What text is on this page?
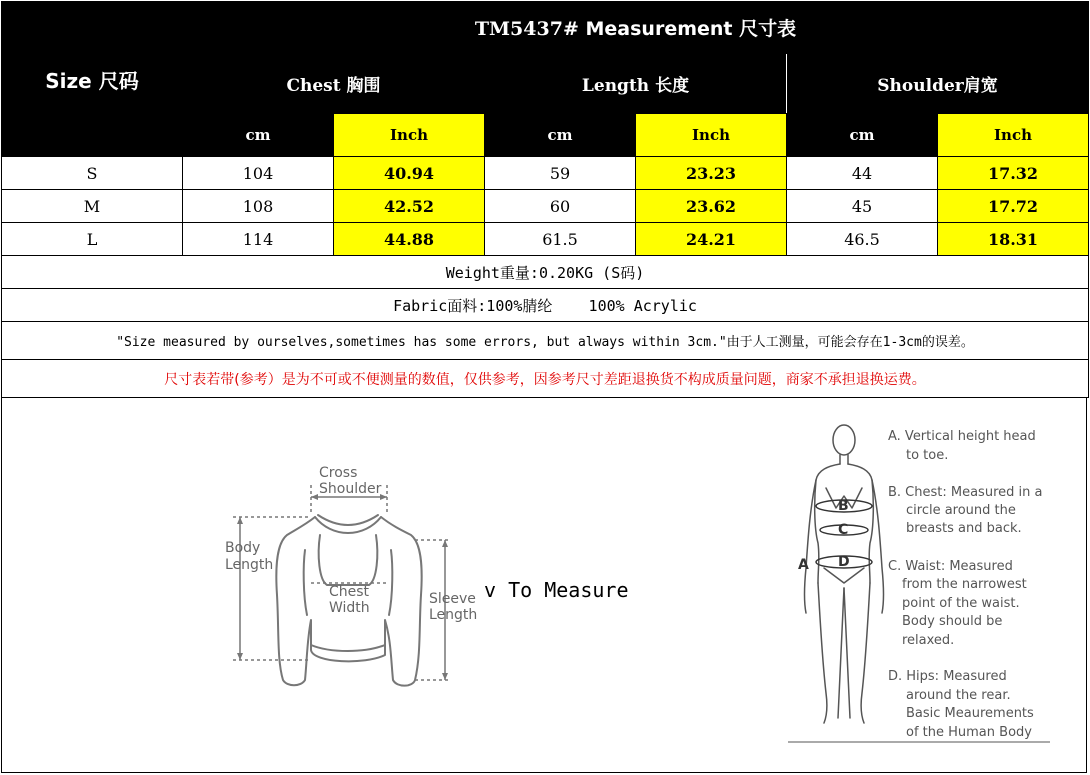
Size 尺码	TM5437# Measurement 尺寸表					
	Chest 胸围		Length 长度		Shoulder肩宽	
	cm	Inch	cm	Inch	cm	Inch
S	104	40.94	59	23.23	44	17.32
M	108	42.52	60	23.62	45	17.72
L	114	44.88	61.5	24.21	46.5	18.31
Weight重量:0.20KG (S码)						
Fabric面料:100%腈纶    100% Acrylic						
"Size measured by ourselves,sometimes has some errors, but always within 3cm."由于人工测量，可能会存在1-3cm的误差。						
尺寸表若带(参考）是为不可或不便测量的数值，仅供参考，因参考尺寸差距退换货不构成质量问题，商家不承担退换运费。						
Cross
Shoulder
Body
Length
Chest
Width
Sleeve
Length
v To Measure
B
C
D
A
A. Vertical height head
to toe.
B. Chest: Measured in a
circle around the
breasts and back.
C. Waist: Measured
from the narrowest
point of the waist.
Body should be
relaxed.
D. Hips: Measured
around the rear.
Basic Meaurements
of the Human Body
